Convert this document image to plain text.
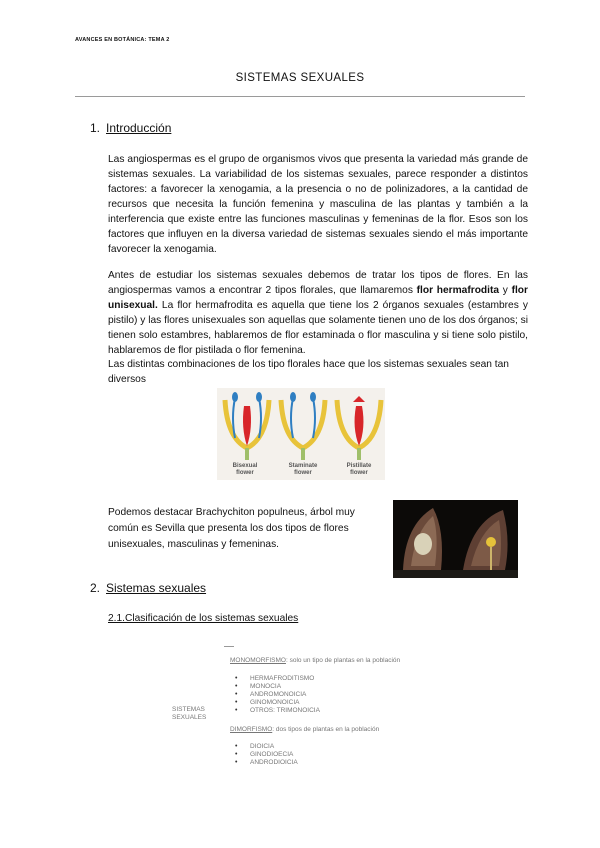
AVANCES EN BOTÁNICA: TEMA 2
SISTEMAS SEXUALES
1. Introducción
Las angiospermas es el grupo de organismos vivos que presenta la variedad más grande de sistemas sexuales. La variabilidad de los sistemas sexuales, parece responder a distintos factores: a favorecer la xenogamia, a la presencia o no de polinizadores, a la cantidad de recursos que necesita la función femenina y masculina de las plantas y también a la interferencia que existe entre las funciones masculinas y femeninas de la flor. Esos son los factores que influyen en la diversa variedad de sistemas sexuales siendo el más importante favorecer la xenogamia.
Antes de estudiar los sistemas sexuales debemos de tratar los tipos de flores. En las angiospermas vamos a encontrar 2 tipos florales, que llamaremos flor hermafrodita y flor unisexual. La flor hermafrodita es aquella que tiene los 2 órganos sexuales (estambres y pistilo) y las flores unisexuales son aquellas que solamente tienen uno de los dos órganos; si tienen solo estambres, hablaremos de flor estaminada o flor masculina y si tiene solo pistilo, hablaremos de flor pistilada o flor femenina.
Las distintas combinaciones de los tipo florales hace que los sistemas sexuales sean tan diversos
Bisexual
flower
Staminate
flower
Pistillate
flower
Podemos destacar Brachychiton populneus, árbol muy común es Sevilla que presenta los dos tipos de flores unisexuales, masculinas y femeninas.
2. Sistemas sexuales
2.1.Clasificación de los sistemas sexuales
SISTEMAS
SEXUALES
MONOMORFISMO: solo un tipo de plantas en la población
• HERMAFRODITISMO
• MONOCIA
• ANDROMONOICIA
• GINOMONOICIA
• OTROS: TRIMONOICIA
DIMORFISMO: dos tipos de plantas en la población
• DIOICIA
• GINODIOECIA
• ANDRODIOICIA
